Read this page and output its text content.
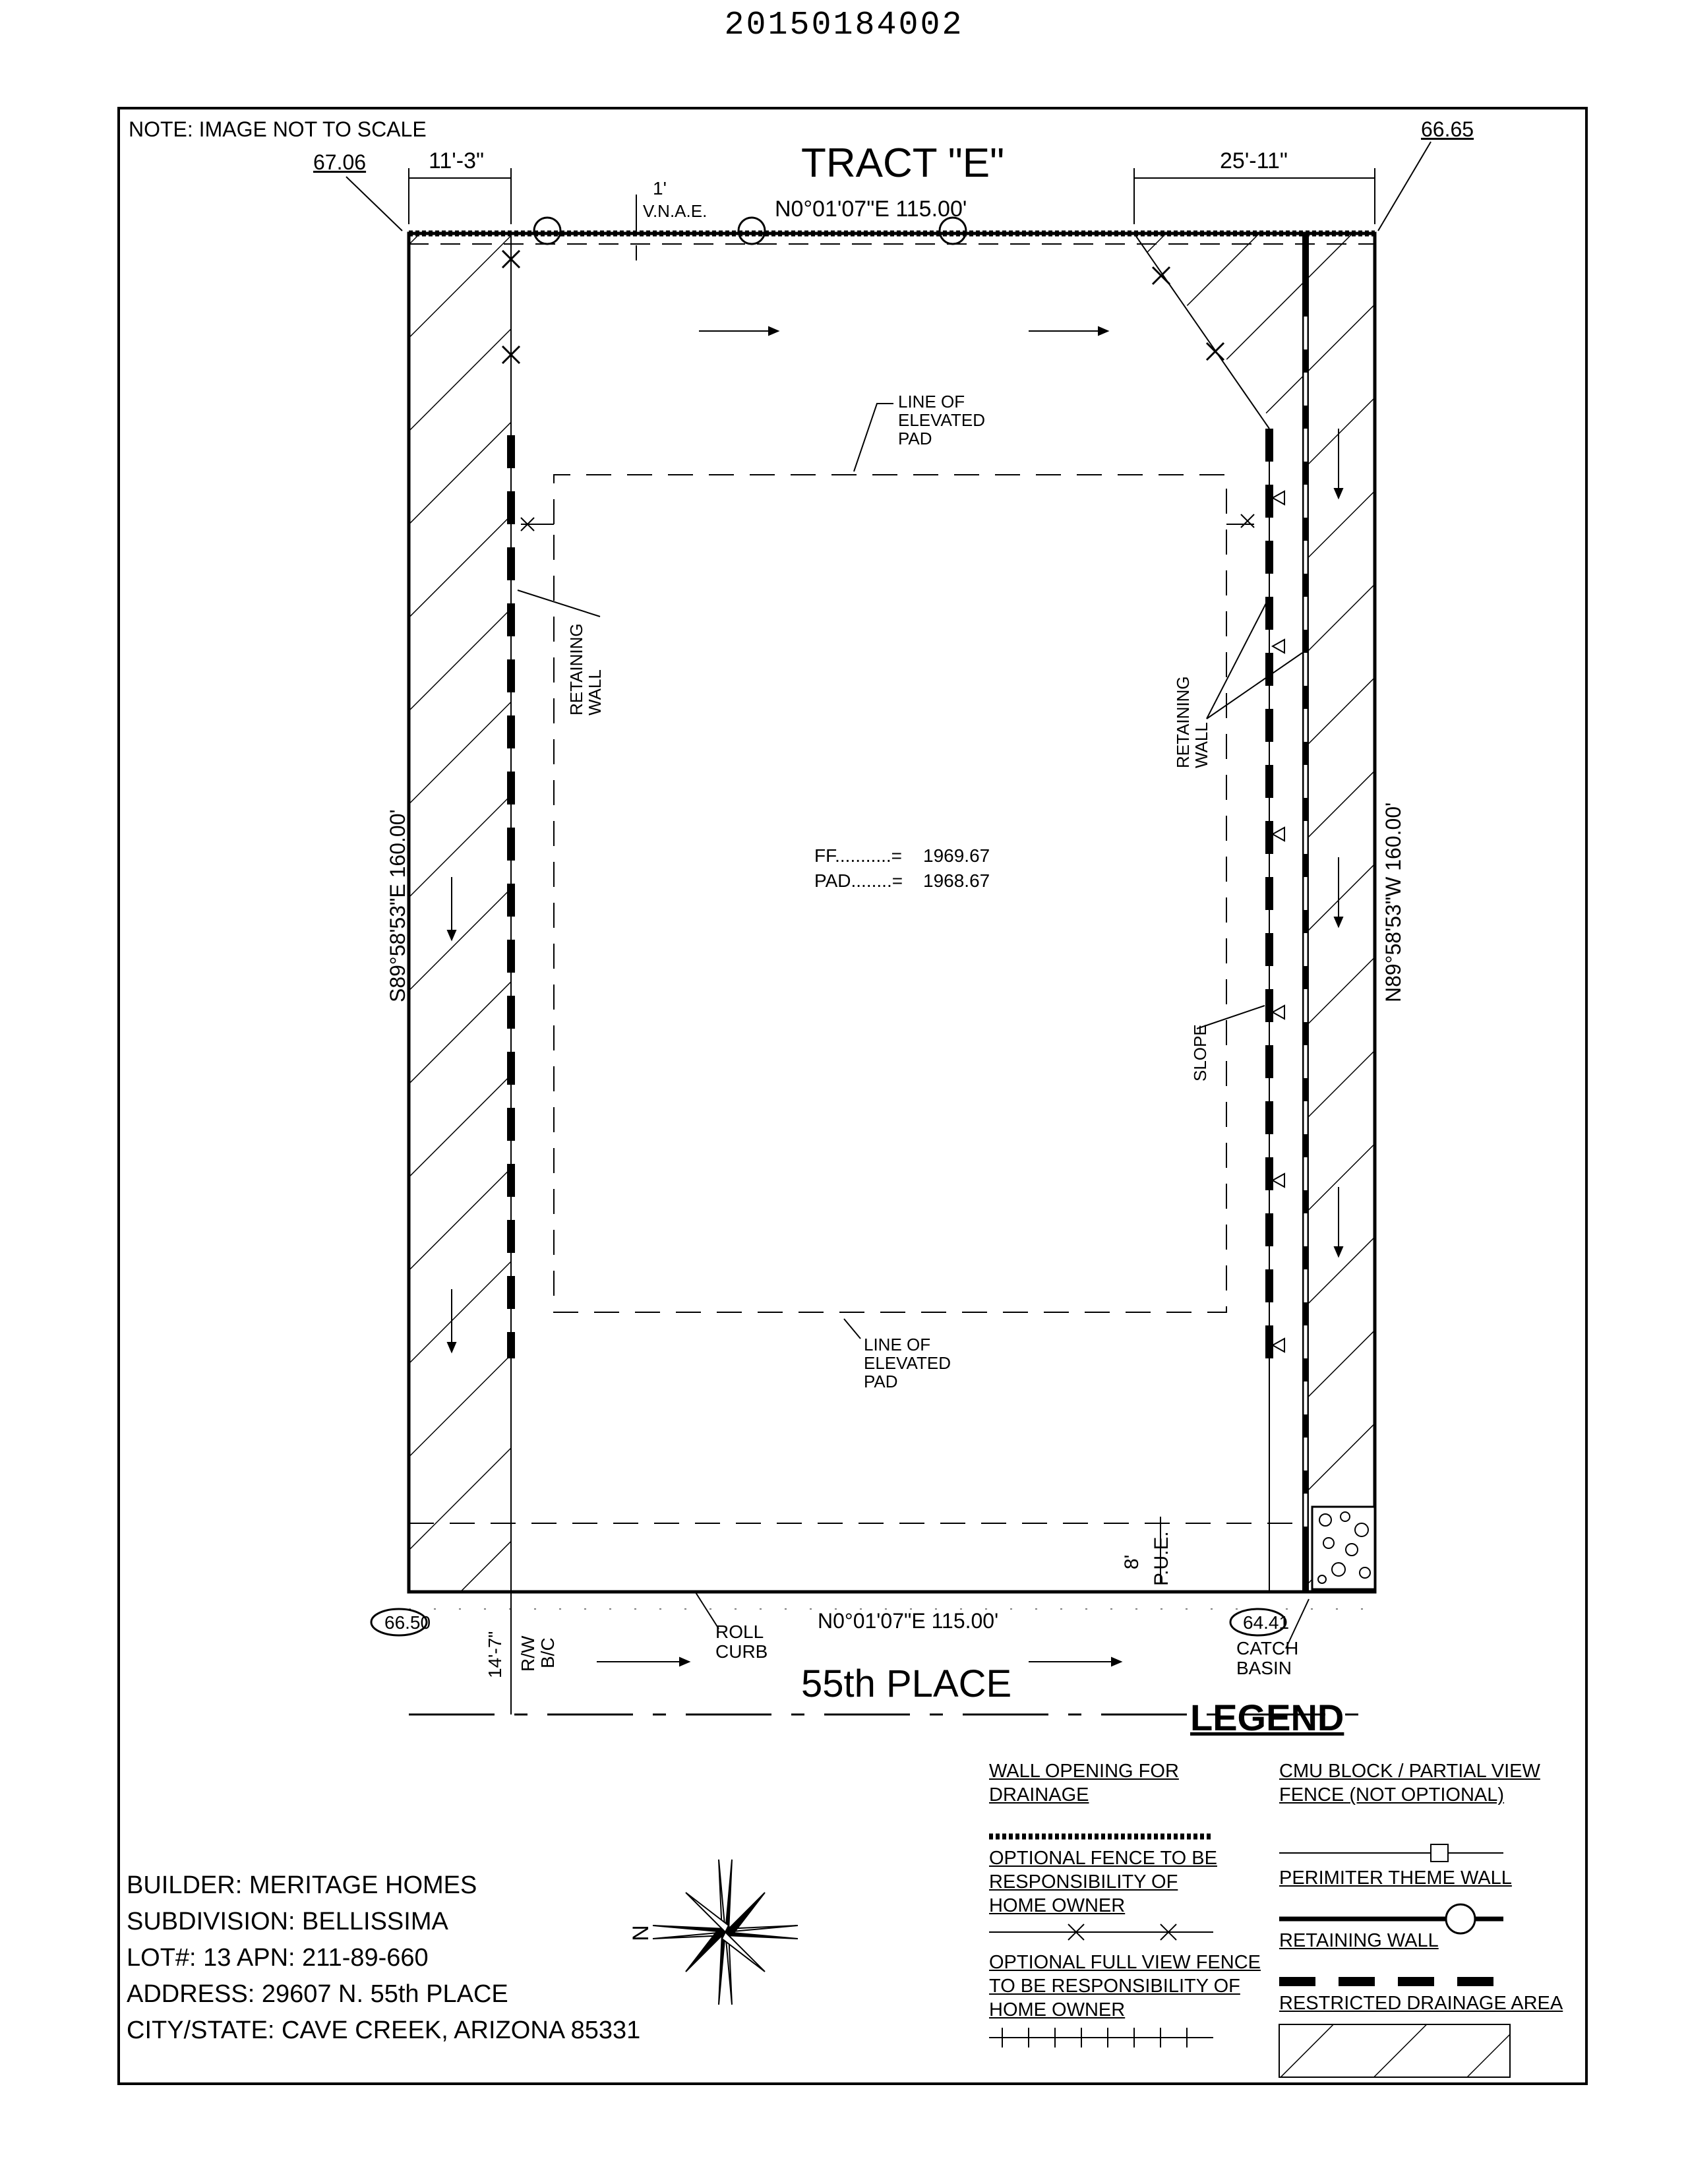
20150184002
NOTE: IMAGE NOT TO SCALE
TRACT "E"
67.06
66.65
11'-3"	25'-11"
1'
V.N.A.E.	N0°01'07"E 115.00'
LINE OF
ELEVATED
PAD
LINE OF
ELEVATED
PAD
RETAINING
WALL	RETAINING
WALL
SLOPE
S89°58'53"E 160.00'	N89°58'53"W 160.00'
FF...........= 1969.67
PAD........= 1968.67
8' P.U.E.
66.50	64.41
ROLL
CURB
N0°01'07"E 115.00'
CATCH
BASIN
14'-7" R/W B/C
55th PLACE
N
BUILDER: MERITAGE HOMES
SUBDIVISION: BELLISSIMA
LOT#: 13 APN: 211-89-660
ADDRESS: 29607 N. 55th PLACE
CITY/STATE: CAVE CREEK, ARIZONA 85331
LEGEND
WALL OPENING FOR DRAINAGE
OPTIONAL FENCE TO BE RESPONSIBILITY OF HOME OWNER
OPTIONAL FULL VIEW FENCE TO BE RESPONSIBILITY OF HOME OWNER
CMU BLOCK / PARTIAL VIEW FENCE (NOT OPTIONAL)
PERIMITER THEME WALL
RETAINING WALL
RESTRICTED DRAINAGE AREA
